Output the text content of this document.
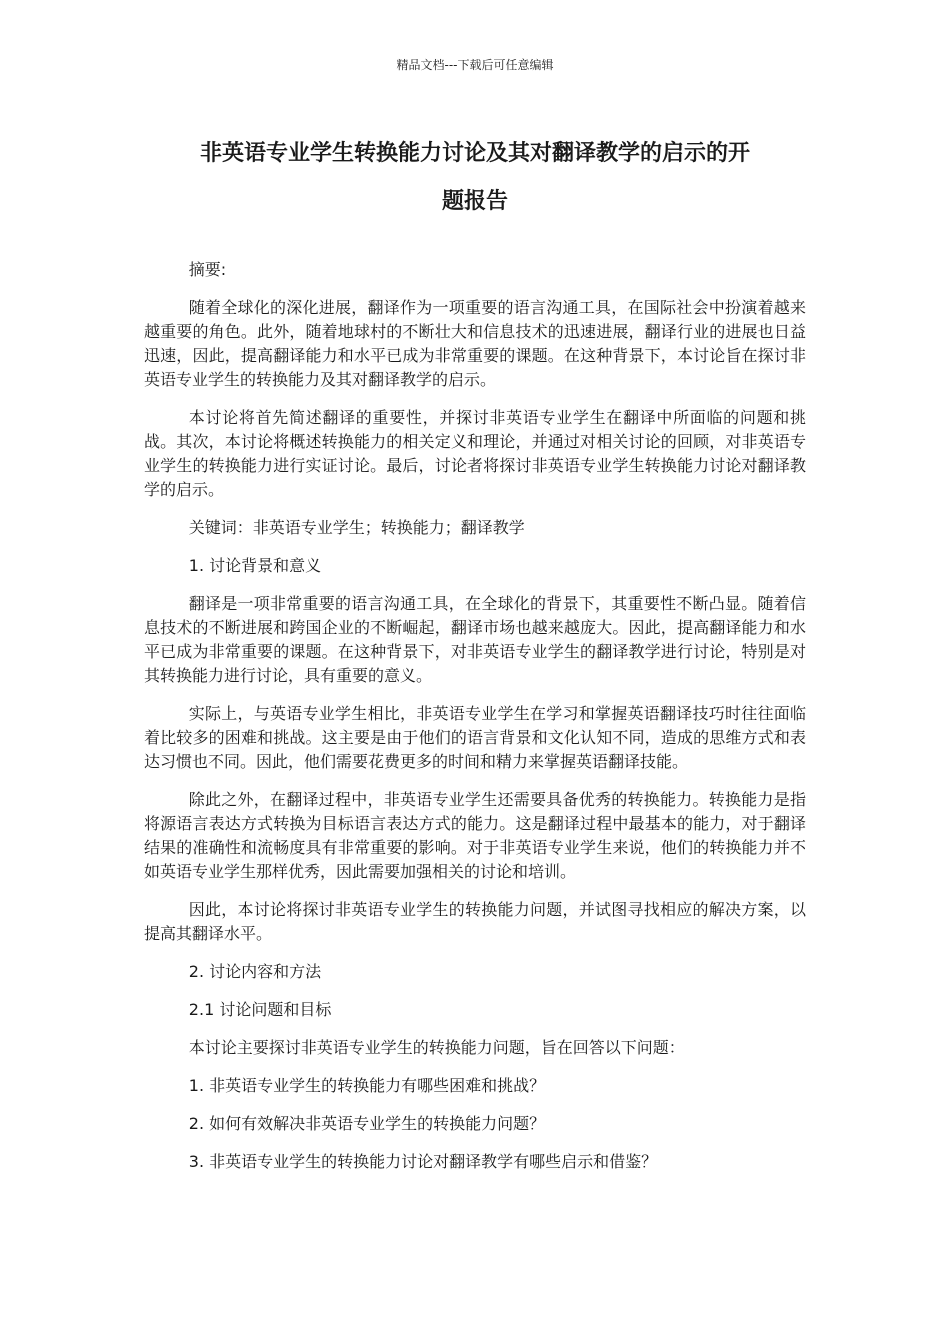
精品文档---下载后可任意编辑
非英语专业学生转换能力讨论及其对翻译教学的启示的开
题报告

摘要:

随着全球化的深化进展，翻译作为一项重要的语言沟通工具，在国际社会中扮演着越来越重要的角色。此外，随着地球村的不断壮大和信息技术的迅速进展，翻译行业的进展也日益迅速，因此，提高翻译能力和水平已成为非常重要的课题。在这种背景下，本讨论旨在探讨非英语专业学生的转换能力及其对翻译教学的启示。

本讨论将首先简述翻译的重要性，并探讨非英语专业学生在翻译中所面临的问题和挑战。其次，本讨论将概述转换能力的相关定义和理论，并通过对相关讨论的回顾，对非英语专业学生的转换能力进行实证讨论。最后，讨论者将探讨非英语专业学生转换能力讨论对翻译教学的启示。

关键词：非英语专业学生；转换能力；翻译教学

1. 讨论背景和意义

翻译是一项非常重要的语言沟通工具，在全球化的背景下，其重要性不断凸显。随着信息技术的不断进展和跨国企业的不断崛起，翻译市场也越来越庞大。因此，提高翻译能力和水平已成为非常重要的课题。在这种背景下，对非英语专业学生的翻译教学进行讨论，特别是对其转换能力进行讨论，具有重要的意义。

实际上，与英语专业学生相比，非英语专业学生在学习和掌握英语翻译技巧时往往面临着比较多的困难和挑战。这主要是由于他们的语言背景和文化认知不同，造成的思维方式和表达习惯也不同。因此，他们需要花费更多的时间和精力来掌握英语翻译技能。

除此之外，在翻译过程中，非英语专业学生还需要具备优秀的转换能力。转换能力是指将源语言表达方式转换为目标语言表达方式的能力。这是翻译过程中最基本的能力，对于翻译结果的准确性和流畅度具有非常重要的影响。对于非英语专业学生来说，他们的转换能力并不如英语专业学生那样优秀，因此需要加强相关的讨论和培训。

因此，本讨论将探讨非英语专业学生的转换能力问题，并试图寻找相应的解决方案，以提高其翻译水平。

2. 讨论内容和方法

2.1 讨论问题和目标

本讨论主要探讨非英语专业学生的转换能力问题，旨在回答以下问题：

1. 非英语专业学生的转换能力有哪些困难和挑战？

2. 如何有效解决非英语专业学生的转换能力问题？

3. 非英语专业学生的转换能力讨论对翻译教学有哪些启示和借鉴？
